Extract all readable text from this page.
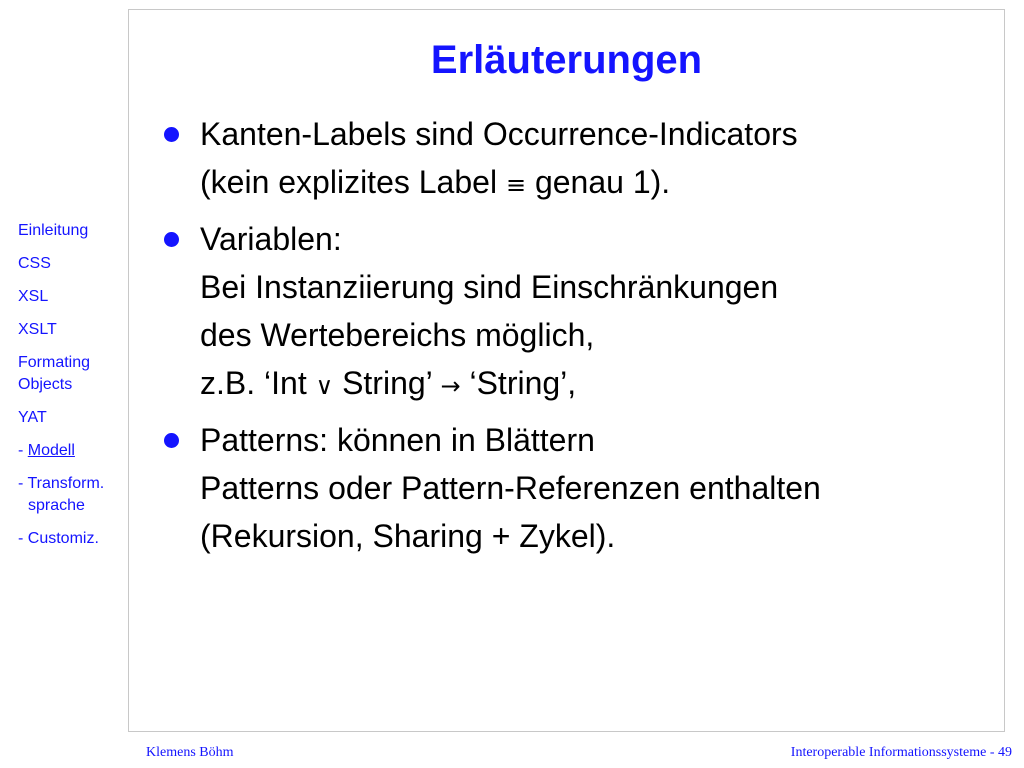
Erläuterungen
Einleitung
CSS
XSL
XSLT
Formating
Objects
YAT
- Modell
- Transform.
sprache
- Customiz.
Kanten-Labels sind Occurrence-Indicators
(kein explizites Label ≡ genau 1).
Variablen:
Bei Instanziierung sind Einschränkungen
des Wertebereichs möglich,
z.B. ‘Int ∨ String’ → ‘String’,
Patterns: können in Blättern
Patterns oder Pattern-Referenzen enthalten
(Rekursion, Sharing + Zykel).
Klemens Böhm	Interoperable Informationssysteme - 49
